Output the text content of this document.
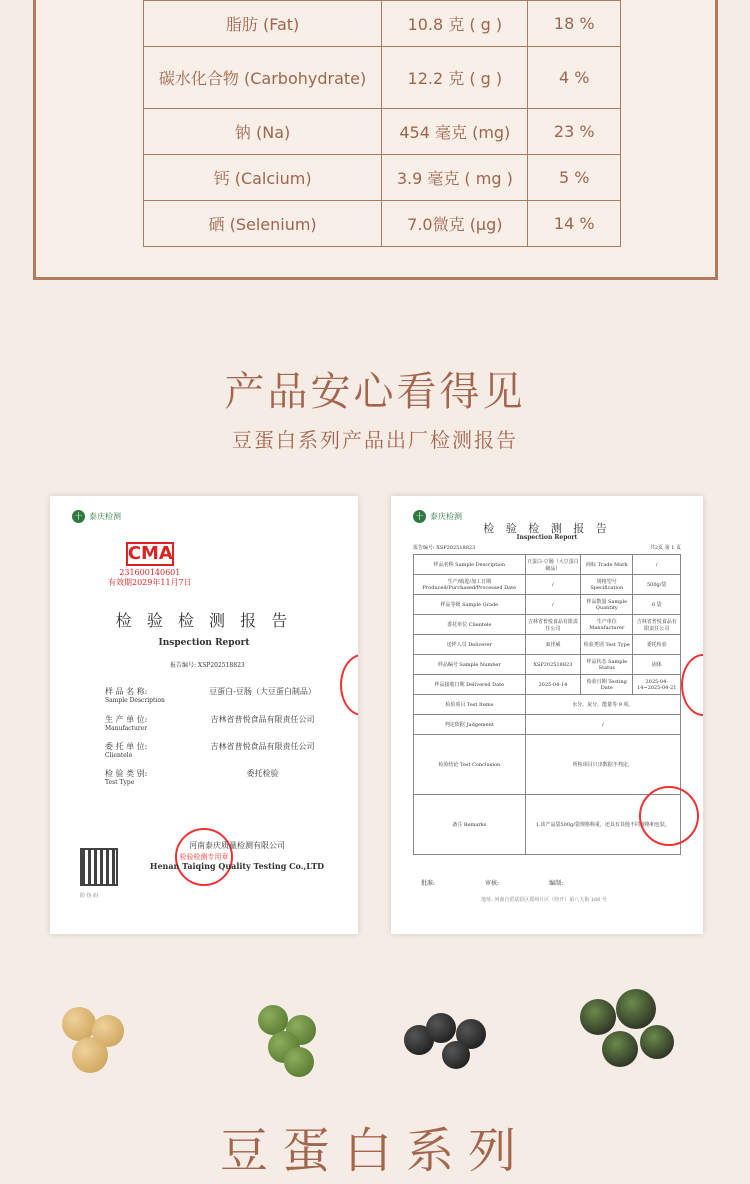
脂肪 (Fat)	10.8 克 ( g )	18 %
碳水化合物 (Carbohydrate)	12.2 克 ( g )	4 %
钠 (Na)	454 毫克 (mg)	23 %
钙 (Calcium)	3.9 毫克 ( mg )	5 %
硒 (Selenium)	7.0微克 (μg)	14 %
产品安心看得见
豆蛋白系列产品出厂检测报告
十 泰庆检测
CMA
231600140601
有效期2029年11月7日
检 验 检 测 报 告
Inspection Report
报告编号: XSP202518823
样 品 名 称:
Sample Description
豆蛋白-豆肠（大豆蛋白制品）
生 产 单 位:
Manufacturer
吉林省普悦食品有限责任公司
委 托 单 位:
Clientele
吉林省普悦食品有限责任公司
检 验 类 别:
Test Type
委托检验
检验检测专用章
河南泰庆质量检测有限公司
Henan Taiqing Quality Testing Co.,LTD
防 伪 码
十 泰庆检测
检 验 检 测 报 告
Inspection Report
报告编号: XSP202518823	共2页 第 1 页
样品名称 Sample Description	豆蛋白-豆肠（大豆蛋白制品）	商标 Trade Mark	/
生产/购进/加工日期 Produced/Purchased/Processed Date	/	规格型号 Specification	500g/袋
样品等级 Sample Grade	/	样品数量 Sample Quantity	6 袋
委托单位 Clientele	吉林省普悦食品有限责任公司	生产单位 Manufacturer	吉林省普悦食品有限责任公司
送样人员 Deliverer	栾佳威	检验类别 Test Type	委托检验
样品编号 Sample Number	XSP202518823	样品状态 Sample Status	固体
样品接收日期 Delivered Date	2025-04-14	检验日期 Testing Date	2025-04-14~2025-04-21
检验项目 Test Items	水分、灰分、能量等 9 项。		
判定依据 Judgement	/		
检验结论 Test Conclusion	所检项目只出数据不判定。		
备注 Remarks	1.该产品袋500g/袋规格称重，还具有其他不同规格和包装。		
批准:	审核:	编制:
地址: 河南自贸试验区郑州片区（经开）第八大街 166 号
豆蛋白系列
